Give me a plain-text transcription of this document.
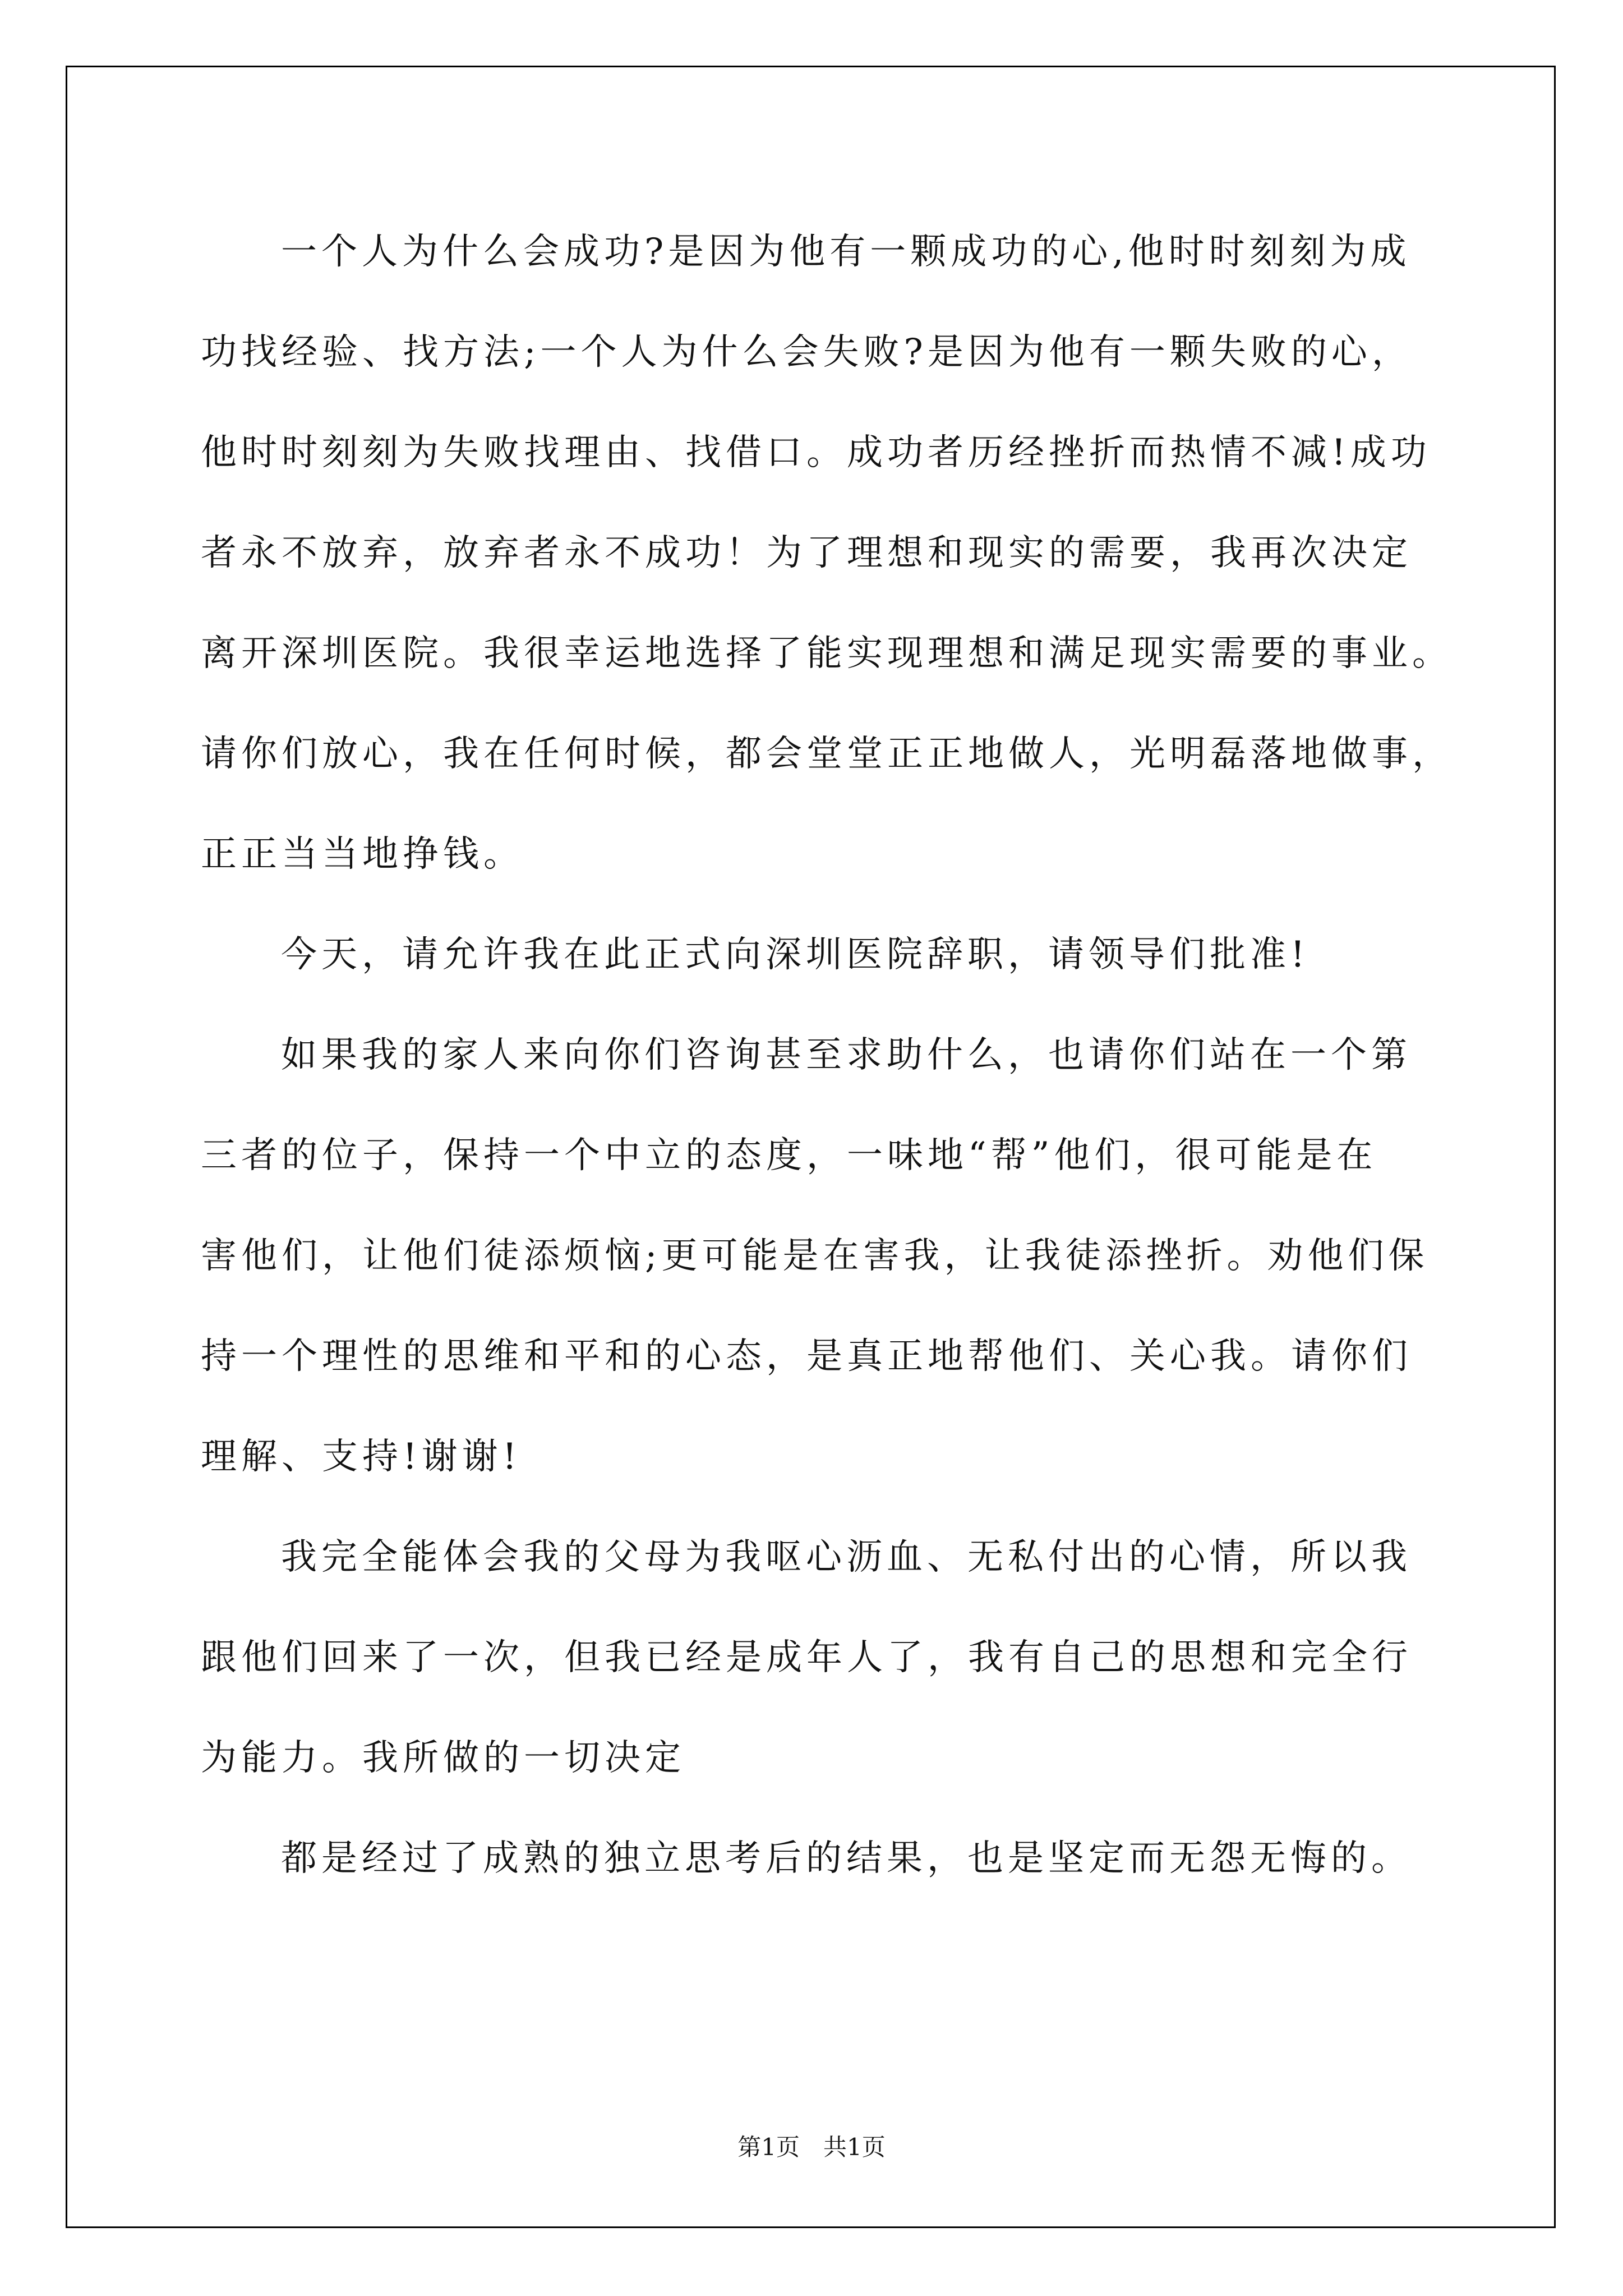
一个人为什么会成功?是因为他有一颗成功的心,他时时刻刻为成
功找经验、找方法;一个人为什么会失败?是因为他有一颗失败的心，
他时时刻刻为失败找理由、找借口。成功者历经挫折而热情不减!成功
者永不放弃，放弃者永不成功！为了理想和现实的需要，我再次决定
离开深圳医院。我很幸运地选择了能实现理想和满足现实需要的事业。
请你们放心，我在任何时候，都会堂堂正正地做人，光明磊落地做事，
正正当当地挣钱。
今天，请允许我在此正式向深圳医院辞职，请领导们批准!
如果我的家人来向你们咨询甚至求助什么，也请你们站在一个第
三者的位子，保持一个中立的态度，一味地“帮”他们，很可能是在
害他们，让他们徒添烦恼;更可能是在害我，让我徒添挫折。劝他们保
持一个理性的思维和平和的心态，是真正地帮他们、关心我。请你们
理解、支持!谢谢!
我完全能体会我的父母为我呕心沥血、无私付出的心情，所以我
跟他们回来了一次，但我已经是成年人了，我有自己的思想和完全行
为能力。我所做的一切决定
都是经过了成熟的独立思考后的结果，也是坚定而无怨无悔的。
第1页　共1页
